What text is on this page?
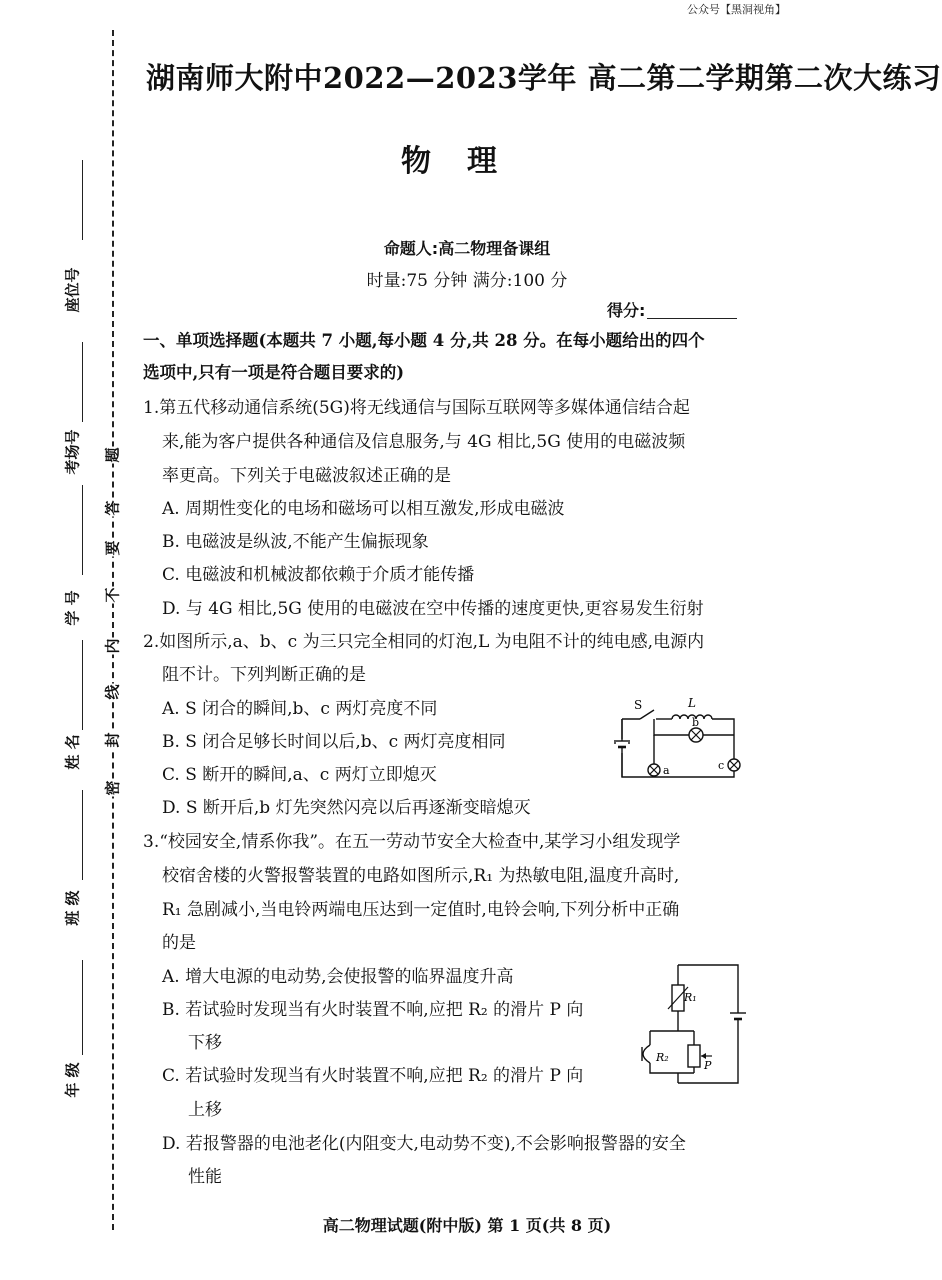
公众号【黑洞视角】
座位号
考场号
学 号
姓 名
班 级
年 级
题
答
要
不
内
线
封
密
湖南师大附中2022—2023学年 高二第二学期第二次大练习
物理
命题人:高二物理备课组
时量:75 分钟 满分:100 分
得分:
一、单项选择题(本题共 7 小题,每小题 4 分,共 28 分。在每小题给出的四个
选项中,只有一项是符合题目要求的)
1.第五代移动通信系统(5G)将无线通信与国际互联网等多媒体通信结合起
来,能为客户提供各种通信及信息服务,与 4G 相比,5G 使用的电磁波频
率更高。下列关于电磁波叙述正确的是
A. 周期性变化的电场和磁场可以相互激发,形成电磁波
B. 电磁波是纵波,不能产生偏振现象
C. 电磁波和机械波都依赖于介质才能传播
D. 与 4G 相比,5G 使用的电磁波在空中传播的速度更快,更容易发生衍射
2.如图所示,a、b、c 为三只完全相同的灯泡,L 为电阻不计的纯电感,电源内
阻不计。下列判断正确的是
A. S 闭合的瞬间,b、c 两灯亮度不同
B. S 闭合足够长时间以后,b、c 两灯亮度相同
C. S 断开的瞬间,a、c 两灯立即熄灭
D. S 断开后,b 灯先突然闪亮以后再逐渐变暗熄灭
S	L
b
a	c
3.“校园安全,情系你我”。在五一劳动节安全大检查中,某学习小组发现学
校宿舍楼的火警报警装置的电路如图所示,R₁ 为热敏电阻,温度升高时,
R₁ 急剧减小,当电铃两端电压达到一定值时,电铃会响,下列分析中正确
的是
A. 增大电源的电动势,会使报警的临界温度升高
B. 若试验时发现当有火时装置不响,应把 R₂ 的滑片 P 向
下移
C. 若试验时发现当有火时装置不响,应把 R₂ 的滑片 P 向
上移
D. 若报警器的电池老化(内阻变大,电动势不变),不会影响报警器的安全
性能
R₁
R₂
P
高二物理试题(附中版) 第 1 页(共 8 页)
